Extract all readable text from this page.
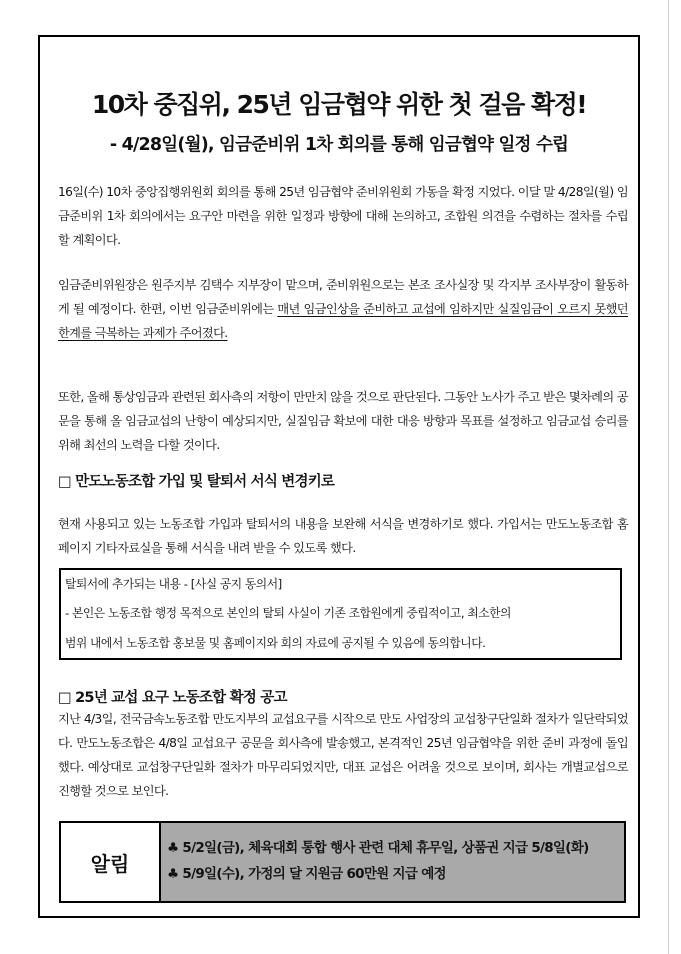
10차 중집위, 25년 임금협약 위한 첫 걸음 확정!
- 4/28일(월), 임금준비위 1차 회의를 통해 임금협약 일정 수립
16일(수) 10차 중앙집행위원회 회의를 통해 25년 임금협약 준비위원회 가동을 확정 지었다. 이달 말 4/28일(월) 임금준비위 1차 회의에서는 요구안 마련을 위한 일정과 방향에 대해 논의하고, 조합원 의견을 수렴하는 절차를 수립할 계획이다.
임금준비위원장은 원주지부 김택수 지부장이 맡으며, 준비위원으로는 본조 조사실장 및 각지부 조사부장이 활동하게 될 예정이다. 한편, 이번 임금준비위에는 매년 임금인상을 준비하고 교섭에 임하지만 실질임금이 오르지 못했던 한계를 극복하는 과제가 주어졌다.
또한, 올해 통상임금과 관련된 회사측의 저항이 만만치 않을 것으로 판단된다. 그동안 노사가 주고 받은 몇차례의 공문을 통해 올 임금교섭의 난항이 예상되지만, 실질임금 확보에 대한 대응 방향과 목표를 설정하고 임금교섭 승리를 위해 최선의 노력을 다할 것이다.
□ 만도노동조합 가입 및 탈퇴서 서식 변경키로
현재 사용되고 있는 노동조합 가입과 탈퇴서의 내용을 보완해 서식을 변경하기로 했다. 가입서는 만도노동조합 홈페이지 기타자료실을 통해 서식을 내려 받을 수 있도록 했다.
탈퇴서에 추가되는 내용 - [사실 공지 동의서]
- 본인은 노동조합 행정 목적으로 본인의 탈퇴 사실이 기존 조합원에게 중립적이고, 최소한의
범위 내에서 노동조합 홍보물 및 홈페이지와 회의 자료에 공지될 수 있음에 동의합니다.
□ 25년 교섭 요구 노동조합 확정 공고
지난 4/3일, 전국금속노동조합 만도지부의 교섭요구를 시작으로 만도 사업장의 교섭창구단일화 절차가 일단락되었다. 만도노동조합은 4/8일 교섭요구 공문을 회사측에 발송했고, 본격적인 25년 임금협약을 위한 준비 과정에 돌입했다. 예상대로 교섭창구단일화 절차가 마무리되었지만, 대표 교섭은 어려울 것으로 보이며, 회사는 개별교섭으로 진행할 것으로 보인다.
알림
♣ 5/2일(금), 체육대회 통합 행사 관련 대체 휴무일, 상품권 지급 5/8일(화)
♣ 5/9일(수), 가정의 달 지원금 60만원 지급 예정
